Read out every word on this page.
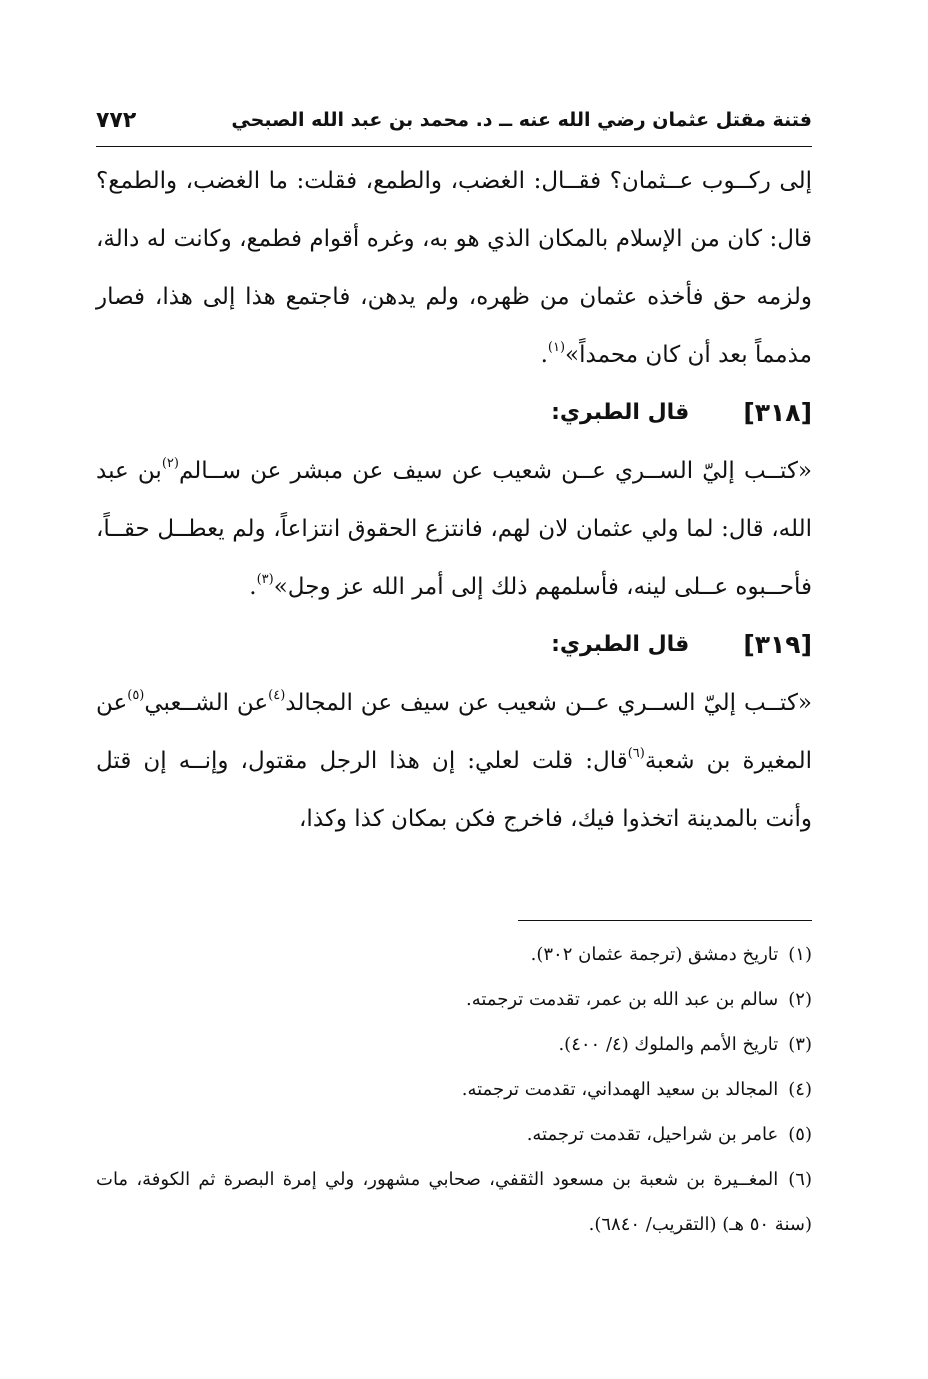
فتنة مقتل عثمان رضي الله عنه ــ د. محمد بن عبد الله الصبحي
٧٧٢

إلى ركــوب عــثمان؟ فقــال: الغضب، والطمع، فقلت: ما الغضب، والطمع؟ قال: كان من الإسلام بالمكان الذي هو به، وغره أقوام فطمع، وكانت له دالة، ولزمه حق فأخذه عثمان من ظهره، ولم يدهن، فاجتمع هذا إلى هذا، فصار مذمماً بعد أن كان محمداً»$^{(١)}$.

[٣١٨]
قال الطبري:

«كتــب إليّ الســري عــن شعيب عن سيف عن مبشر عن ســالم$^{(٢)}$بن عبد الله، قال: لما ولي عثمان لان لهم، فانتزع الحقوق انتزاعاً، ولم يعطــل حقــاً، فأحــبوه عــلى لينه، فأسلمهم ذلك إلى أمر الله عز وجل»$^{(٣)}$.

[٣١٩]
قال الطبري:

«كتــب إليّ الســري عــن شعيب عن سيف عن المجالد$^{(٤)}$عن الشــعبي$^{(٥)}$عن المغيرة بن شعبة$^{(٦)}$قال: قلت لعلي: إن هذا الرجل مقتول، وإنــه إن قتل وأنت بالمدينة اتخذوا فيك، فاخرج فكن بمكان كذا وكذا،

(١)تاريخ دمشق (ترجمة عثمان ٣٠٢).

(٢)سالم بن عبد الله بن عمر، تقدمت ترجمته.

(٣)تاريخ الأمم والملوك (٤/ ٤٠٠).

(٤)المجالد بن سعيد الهمداني، تقدمت ترجمته.

(٥)عامر بن شراحيل، تقدمت ترجمته.

(٦)المغــيرة بن شعبة بن مسعود الثقفي، صحابي مشهور، ولي إمرة البصرة ثم الكوفة، مات (سنة ٥٠ هـ) (التقريب/ ٦٨٤٠).
